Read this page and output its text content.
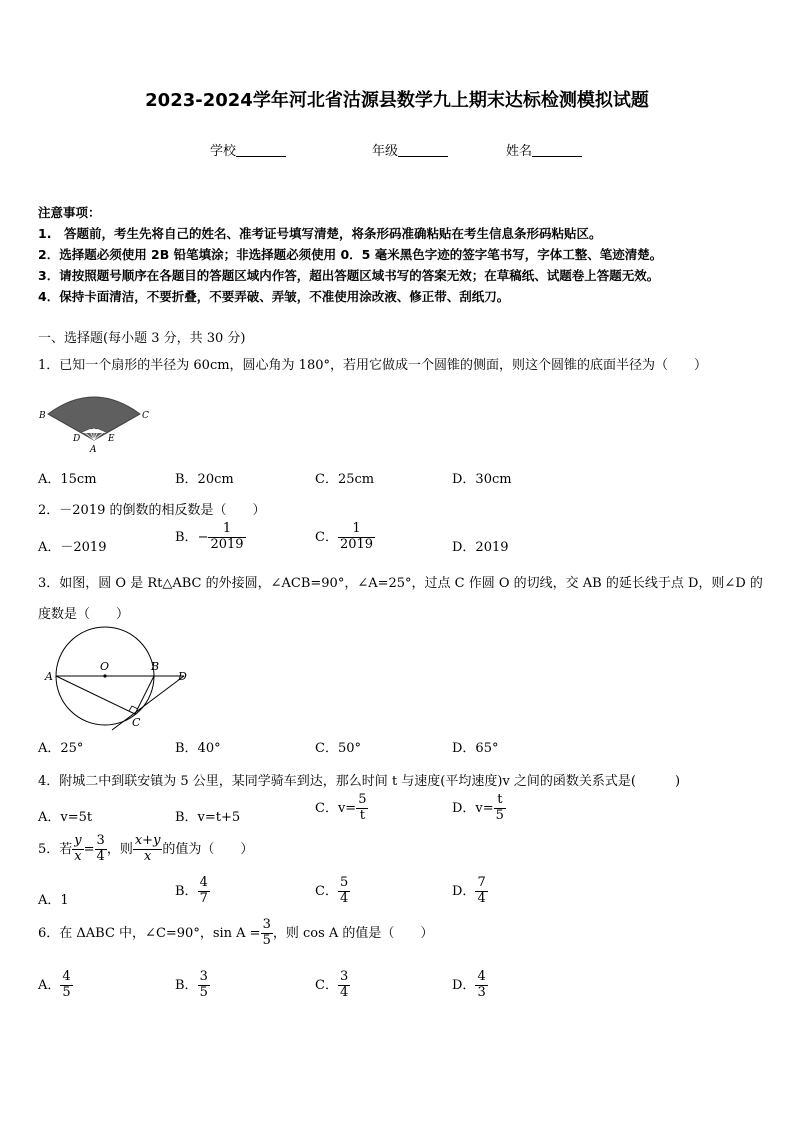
2023-2024学年河北省沽源县数学九上期末达标检测模拟试题
学校	年级	姓名
注意事项：
1.　答题前，考生先将自己的姓名、准考证号填写清楚，将条形码准确粘贴在考生信息条形码粘贴区。
2．选择题必须使用 2B 铅笔填涂；非选择题必须使用 0．5 毫米黑色字迹的签字笔书写，字体工整、笔迹清楚。
3．请按照题号顺序在各题目的答题区域内作答，超出答题区域书写的答案无效；在草稿纸、试题卷上答题无效。
4．保持卡面清洁，不要折叠，不要弄破、弄皱，不准使用涂改液、修正带、刮纸刀。
一、选择题(每小题 3 分，共 30 分)
1．已知一个扇形的半径为 60cm，圆心角为 180°，若用它做成一个圆锥的侧面，则这个圆锥的底面半径为（　　）
B	C
D	E
A
A．15cm	B．20cm	C．25cm	D．30cm
2．－2019 的倒数的相反数是（　　）
A．－2019
B．− $\frac{1}{2019}$	C． $\frac{1}{2019}$	D．2019
3．如图，圆 O 是 Rt△ABC 的外接圆，∠ACB=90°，∠A=25°，过点 C 作圆 O 的切线，交 AB 的延长线于点 D，则∠D 的
度数是（　　）
A
O	B
D
C
A．25°	B．40°	C．50°	D．65°
4．附城二中到联安镇为 5 公里，某同学骑车到达，那么时间 t 与速度(平均速度)v 之间的函数关系式是(　　　)
A．v=5t	B．v=t+5
C．$v= \frac{5}{t}$	D．$v= \frac{t}{5}$
5．若 $\frac{y}{x} = \frac{3}{4}$ ，则 $\frac{x+y}{x}$ 的值为（　　）
A．1
B． $\frac{4}{7}$	C． $\frac{5}{4}$	D． $\frac{7}{4}$
6．在 ΔABC 中，∠C=90°，$\sin A = \frac{3}{5}$ ，则 cos A 的值是（　　）
A． $\frac{4}{5}$	B． $\frac{3}{5}$	C． $\frac{3}{4}$	D． $\frac{4}{3}$
